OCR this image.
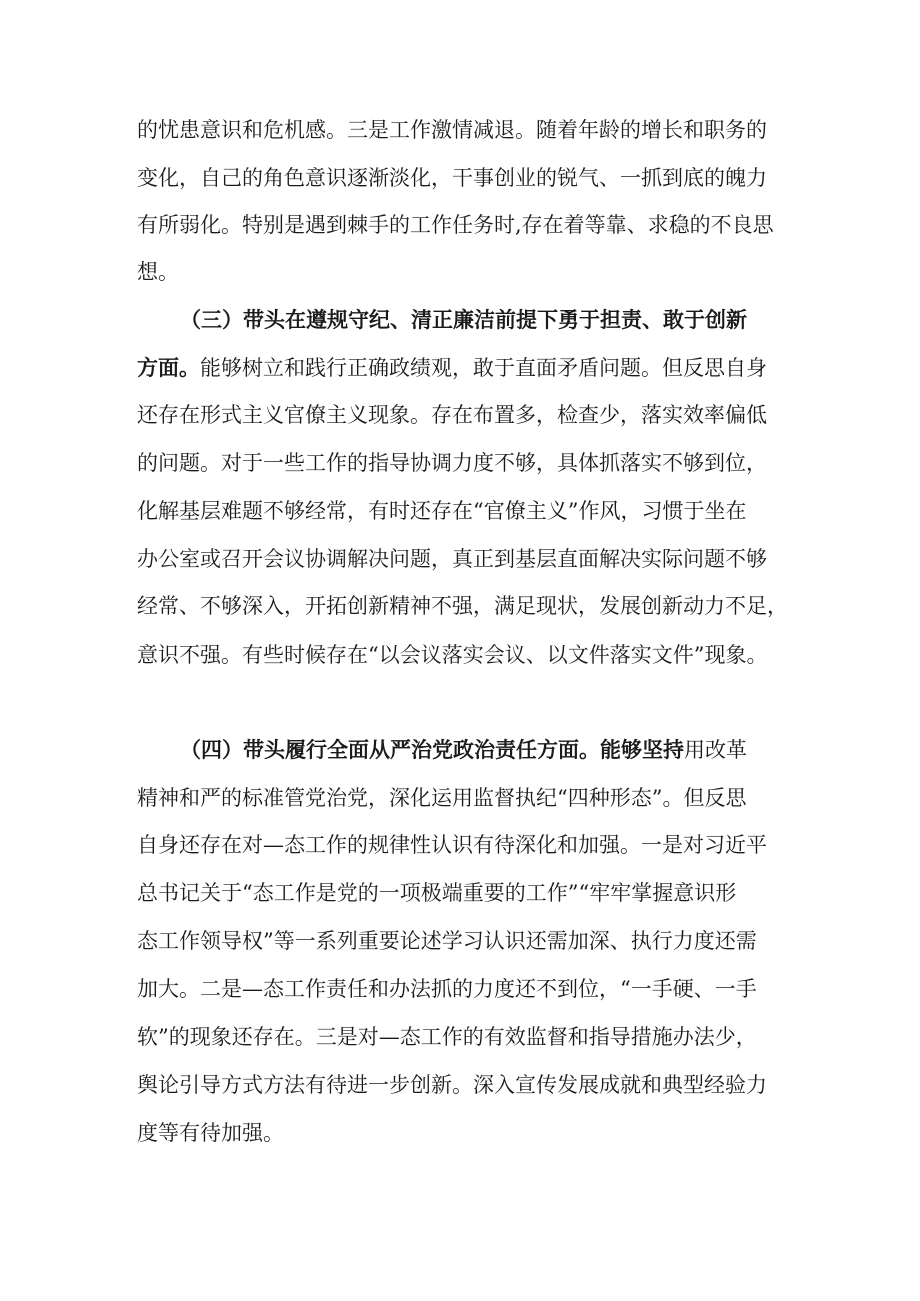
的忧患意识和危机感。三是工作激情减退。随着年龄的增长和职务的
变化，自己的角色意识逐渐淡化，干事创业的锐气、一抓到底的魄力
有所弱化。特别是遇到棘手的工作任务时,存在着等靠、求稳的不良思
想。
（三）带头在遵规守纪、清正廉洁前提下勇于担责、敢于创新
方面。能够树立和践行正确政绩观，敢于直面矛盾问题。但反思自身
还存在形式主义官僚主义现象。存在布置多，检查少，落实效率偏低
的问题。对于一些工作的指导协调力度不够，具体抓落实不够到位，
化解基层难题不够经常，有时还存在“官僚主义”作风，习惯于坐在
办公室或召开会议协调解决问题，真正到基层直面解决实际问题不够
经常、不够深入，开拓创新精神不强，满足现状，发展创新动力不足，
意识不强。有些时候存在“以会议落实会议、以文件落实文件”现象。
（四）带头履行全面从严治党政治责任方面。能够坚持用改革
精神和严的标准管党治党，深化运用监督执纪“四种形态”。但反思
自身还存在对—态工作的规律性认识有待深化和加强。一是对习近平
总书记关于“态工作是党的一项极端重要的工作”“牢牢掌握意识形
态工作领导权”等一系列重要论述学习认识还需加深、执行力度还需
加大。二是—态工作责任和办法抓的力度还不到位，“一手硬、一手
软”的现象还存在。三是对—态工作的有效监督和指导措施办法少，
舆论引导方式方法有待进一步创新。深入宣传发展成就和典型经验力
度等有待加强。
